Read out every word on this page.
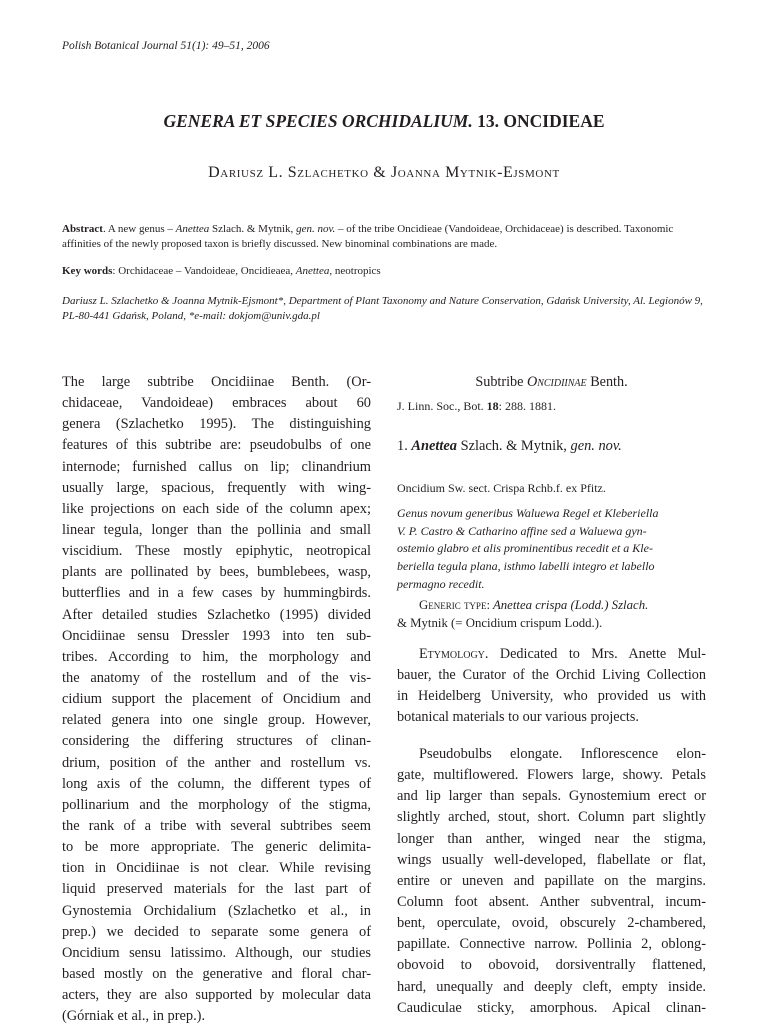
Polish Botanical Journal 51(1): 49–51, 2006
GENERA ET SPECIES ORCHIDALIUM. 13. ONCIDIEAE
Dariusz L. Szlachetko & Joanna Mytnik-Ejsmont
Abstract. A new genus – Anettea Szlach. & Mytnik, gen. nov. – of the tribe Oncidieae (Vandoideae, Orchidaceae) is described. Taxonomic affinities of the newly proposed taxon is briefly discussed. New binominal combinations are made.
Key words: Orchidaceae – Vandoideae, Oncidieaea, Anettea, neotropics
Dariusz L. Szlachetko & Joanna Mytnik-Ejsmont*, Department of Plant Taxonomy and Nature Conservation, Gdańsk University, Al. Legionów 9, PL-80-441 Gdańsk, Poland, *e-mail: dokjom@univ.gda.pl
The large subtribe Oncidiinae Benth. (Or-
chidaceae, Vandoideae) embraces about 60
genera (Szlachetko 1995). The distinguishing
features of this subtribe are: pseudobulbs of one
internode; furnished callus on lip; clinandrium
usually large, spacious, frequently with wing-
like projections on each side of the column apex;
linear tegula, longer than the pollinia and small
viscidium. These mostly epiphytic, neotropical
plants are pollinated by bees, bumblebees, wasp,
butterflies and in a few cases by hummingbirds.
After detailed studies Szlachetko (1995) divided
Oncidiinae sensu Dressler 1993 into ten sub-
tribes. According to him, the morphology and
the anatomy of the rostellum and of the vis-
cidium support the placement of Oncidium and
related genera into one single group. However,
considering the differing structures of clinan-
drium, position of the anther and rostellum vs.
long axis of the column, the different types of
pollinarium and the morphology of the stigma,
the rank of a tribe with several subtribes seem
to be more appropriate. The generic delimita-
tion in Oncidiinae is not clear. While revising
liquid preserved materials for the last part of
Gynostemia Orchidalium (Szlachetko et al., in
prep.) we decided to separate some genera of
Oncidium sensu latissimo. Although, our studies
based mostly on the generative and floral char-
acters, they are also supported by molecular data
(Górniak et al., in prep.).
Subtribe Oncidiinae Benth.
J. Linn. Soc., Bot. 18: 288. 1881.
1. Anettea Szlach. & Mytnik, gen. nov.
Oncidium Sw. sect. Crispa Rchb.f. ex Pfitz.
Genus novum generibus Waluewa Regel et Kleberiella
V. P. Castro & Catharino affine sed a Waluewa gyn-
ostemio glabro et alis prominentibus recedit et a Kle-
beriella tegula plana, isthmo labelli integro et labello
permagno recedit.
Generic type: Anettea crispa (Lodd.) Szlach.
& Mytnik (= Oncidium crispum Lodd.).
Etymology. Dedicated to Mrs. Anette Mul-
bauer, the Curator of the Orchid Living Collection
in Heidelberg University, who provided us with
botanical materials to our various projects.
Pseudobulbs elongate. Inflorescence elon-
gate, multiflowered. Flowers large, showy. Petals
and lip larger than sepals. Gynostemium erect or
slightly arched, stout, short. Column part slightly
longer than anther, winged near the stigma,
wings usually well-developed, flabellate or flat,
entire or uneven and papillate on the margins.
Column foot absent. Anther subventral, incum-
bent, operculate, ovoid, obscurely 2-chambered,
papillate. Connective narrow. Pollinia 2, oblong-
obovoid to obovoid, dorsiventrally flattened,
hard, unequally and deeply cleft, empty inside.
Caudiculae sticky, amorphous. Apical clinan-
